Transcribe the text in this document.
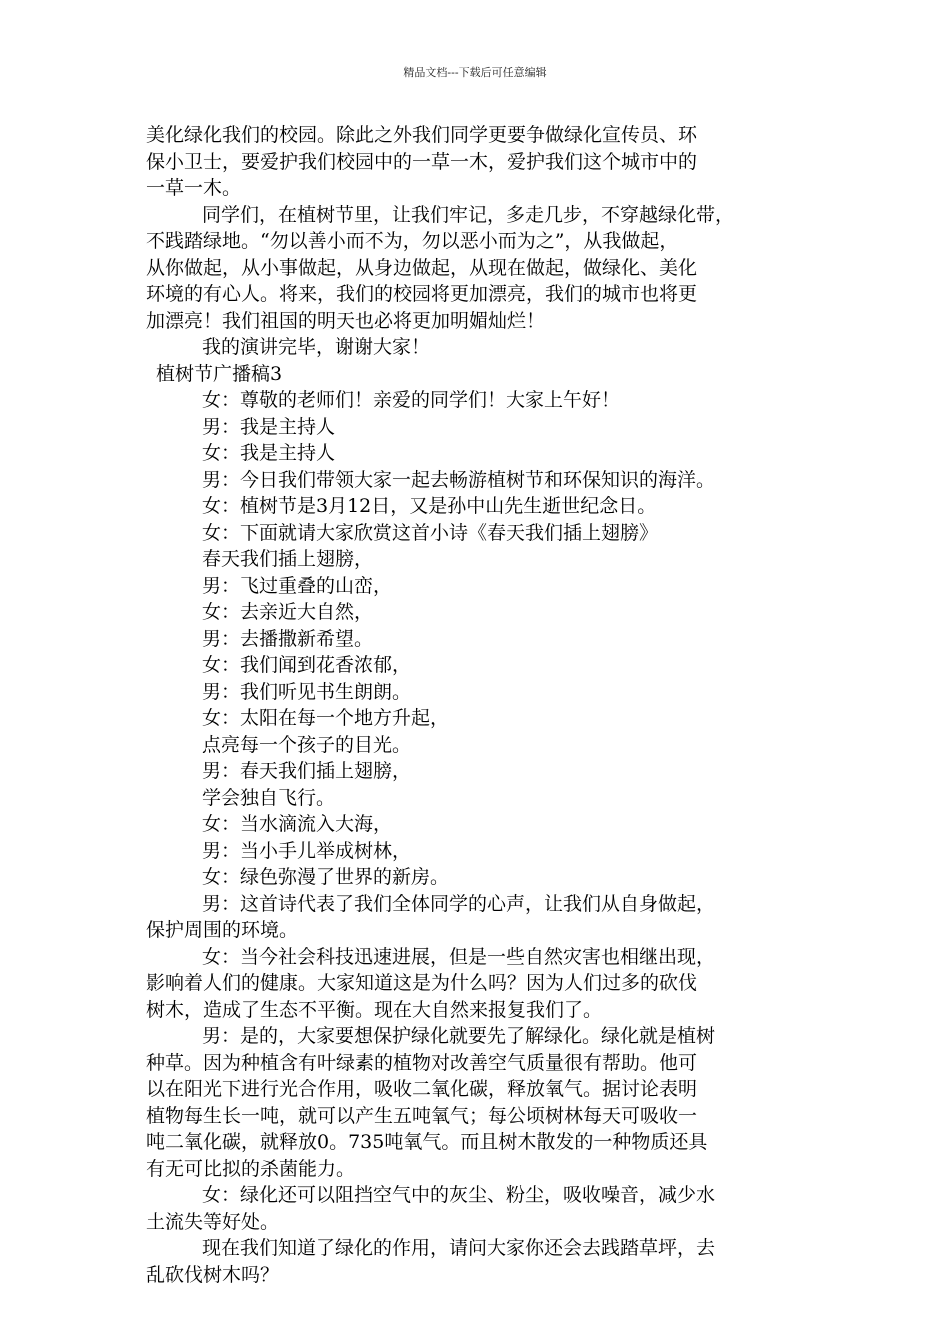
精品文档---下载后可任意编辑

美化绿化我们的校园。除此之外我们同学更要争做绿化宣传员、环

保小卫士，要爱护我们校园中的一草一木，爱护我们这个城市中的

一草一木。

同学们，在植树节里，让我们牢记，多走几步，不穿越绿化带，

不践踏绿地。“勿以善小而不为，勿以恶小而为之”，从我做起，

从你做起，从小事做起，从身边做起，从现在做起，做绿化、美化

环境的有心人。将来，我们的校园将更加漂亮，我们的城市也将更

加漂亮！我们祖国的明天也必将更加明媚灿烂！

我的演讲完毕，谢谢大家！

植树节广播稿3

女：尊敬的老师们！亲爱的同学们！大家上午好！

男：我是主持人

女：我是主持人

男：今日我们带领大家一起去畅游植树节和环保知识的海洋。

女：植树节是3月12日，又是孙中山先生逝世纪念日。

女：下面就请大家欣赏这首小诗《春天我们插上翅膀》

春天我们插上翅膀，

男：飞过重叠的山峦，

女：去亲近大自然，

男：去播撒新希望。

女：我们闻到花香浓郁，

男：我们听见书生朗朗。

女：太阳在每一个地方升起，

点亮每一个孩子的目光。

男：春天我们插上翅膀，

学会独自飞行。

女：当水滴流入大海，

男：当小手儿举成树林，

女：绿色弥漫了世界的新房。

男：这首诗代表了我们全体同学的心声，让我们从自身做起，

保护周围的环境。

女：当今社会科技迅速进展，但是一些自然灾害也相继出现，

影响着人们的健康。大家知道这是为什么吗？因为人们过多的砍伐

树木，造成了生态不平衡。现在大自然来报复我们了。

男：是的，大家要想保护绿化就要先了解绿化。绿化就是植树

种草。因为种植含有叶绿素的植物对改善空气质量很有帮助。他可

以在阳光下进行光合作用，吸收二氧化碳，释放氧气。据讨论表明

植物每生长一吨，就可以产生五吨氧气；每公顷树林每天可吸收一

吨二氧化碳，就释放0。735吨氧气。而且树木散发的一种物质还具

有无可比拟的杀菌能力。

女：绿化还可以阻挡空气中的灰尘、粉尘，吸收噪音，减少水

土流失等好处。

现在我们知道了绿化的作用，请问大家你还会去践踏草坪，去

乱砍伐树木吗？
